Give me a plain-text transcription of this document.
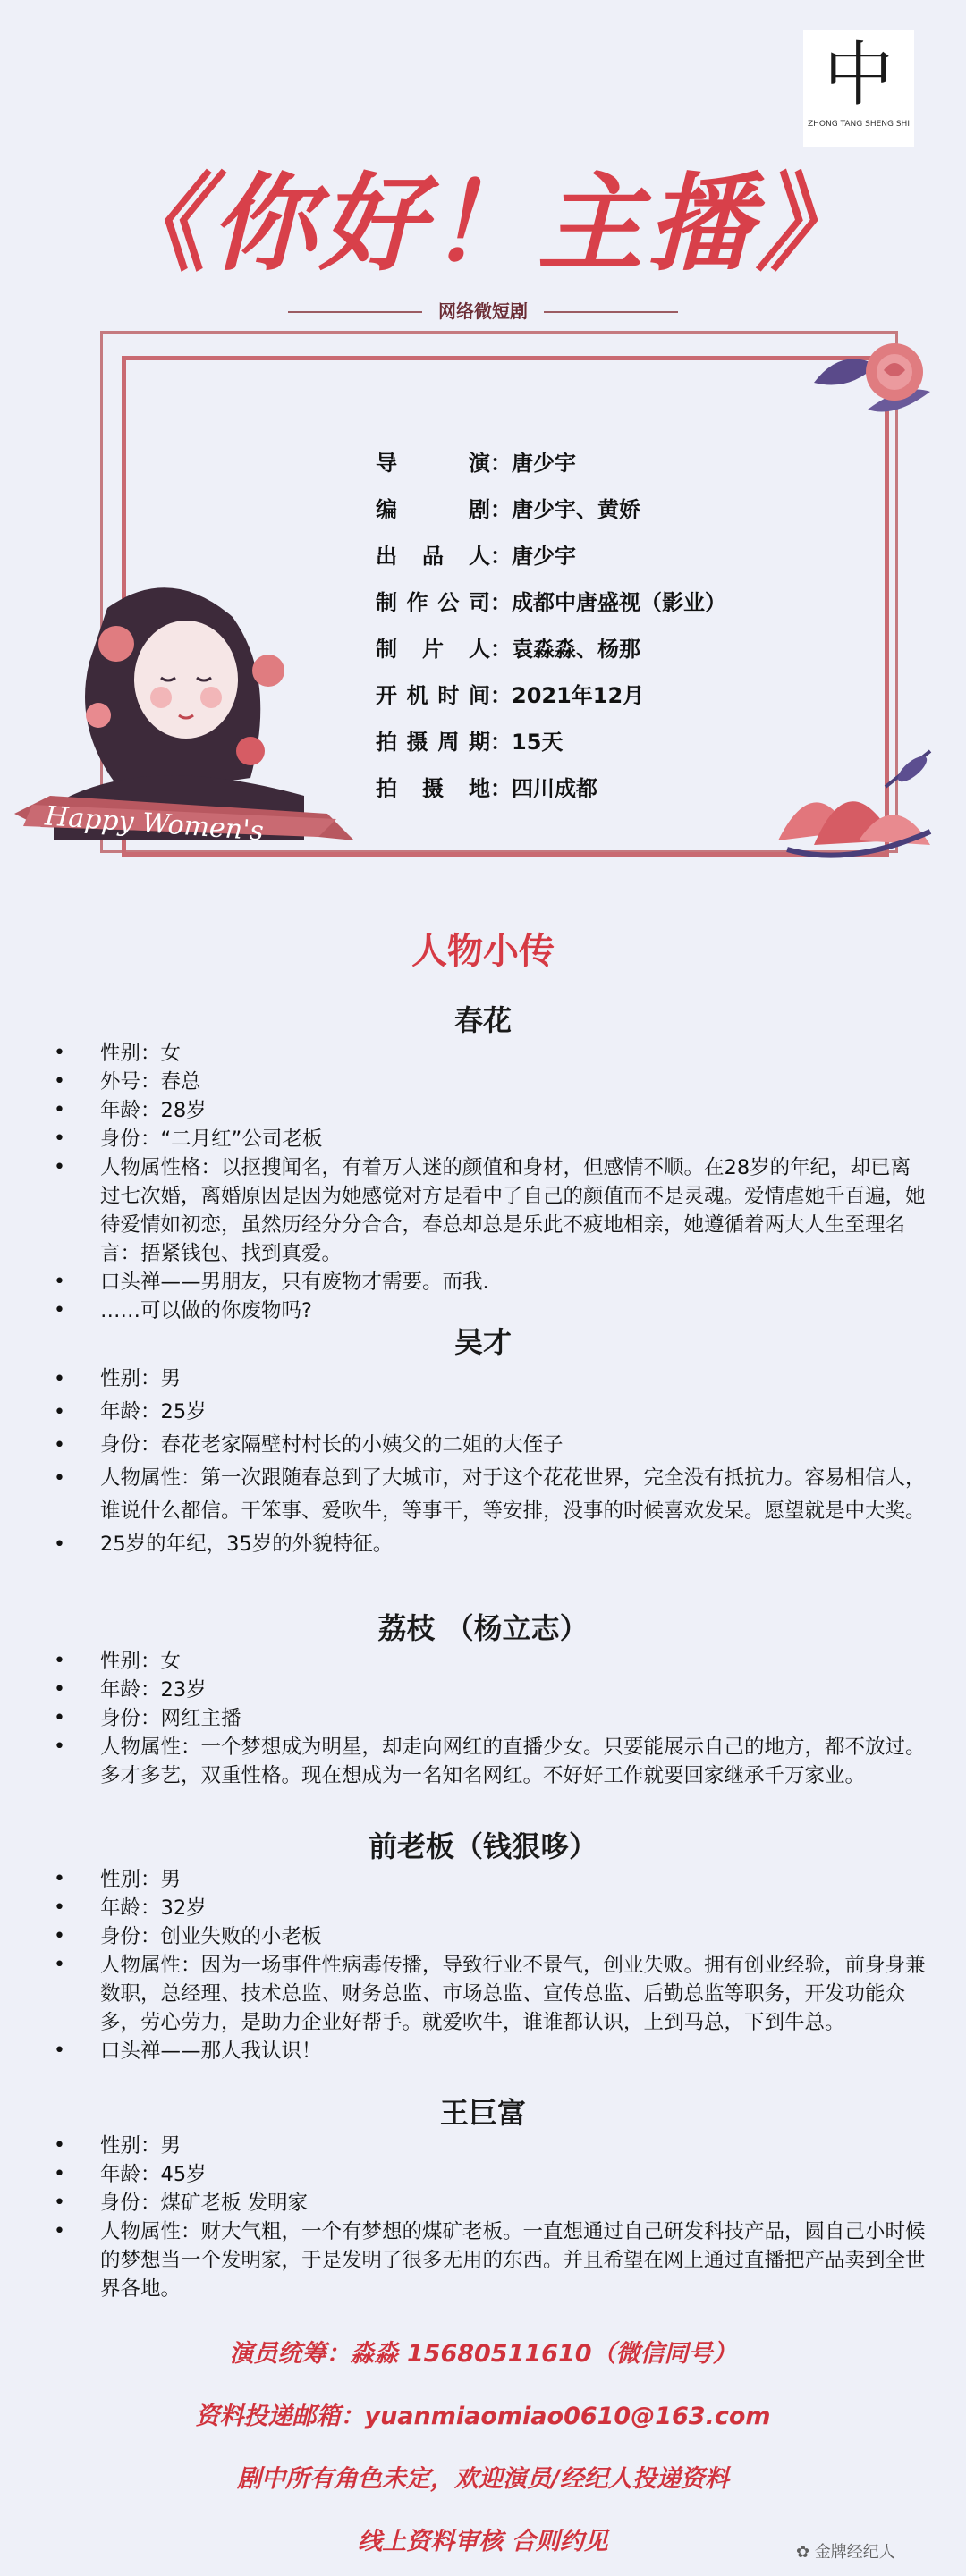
中
ZHONG TANG SHENG SHI
《你好！主播》
网络微短剧
Happy Women's
导演：唐少宇
编剧：唐少宇、黄娇
出品人：唐少宇
制作公司：成都中唐盛视（影业）
制片人：袁淼淼、杨那
开机时间：2021年12月
拍摄周期：15天
拍摄地：四川成都
人物小传
春花
• 性别：女
• 外号：春总
• 年龄：28岁
• 身份：“二月红”公司老板
• 人物属性格：以抠搜闻名，有着万人迷的颜值和身材，但感情不顺。在28岁的年纪，却已离过七次婚，离婚原因是因为她感觉对方是看中了自己的颜值而不是灵魂。爱情虐她千百遍，她待爱情如初恋，虽然历经分分合合，春总却总是乐此不疲地相亲，她遵循着两大人生至理名言：捂紧钱包、找到真爱。
• 口头禅——男朋友，只有废物才需要。而我.
• ……可以做的你废物吗?
吴才
• 性别：男
• 年龄：25岁
• 身份：春花老家隔壁村村长的小姨父的二姐的大侄子
• 人物属性：第一次跟随春总到了大城市，对于这个花花世界，完全没有抵抗力。容易相信人，谁说什么都信。干笨事、爱吹牛，等事干，等安排，没事的时候喜欢发呆。愿望就是中大奖。
• 25岁的年纪，35岁的外貌特征。
荔枝 （杨立志）
• 性别：女
• 年龄：23岁
• 身份：网红主播
• 人物属性：一个梦想成为明星，却走向网红的直播少女。只要能展示自己的地方，都不放过。多才多艺，双重性格。现在想成为一名知名网红。不好好工作就要回家继承千万家业。
前老板（钱狠哆）
• 性别：男
• 年龄：32岁
• 身份：创业失败的小老板
• 人物属性：因为一场事件性病毒传播，导致行业不景气，创业失败。拥有创业经验，前身身兼数职，总经理、技术总监、财务总监、市场总监、宣传总监、后勤总监等职务，开发功能众多，劳心劳力，是助力企业好帮手。就爱吹牛，谁谁都认识，上到马总，下到牛总。
• 口头禅——那人我认识！
王巨富
• 性别：男
• 年龄：45岁
• 身份：煤矿老板 发明家
• 人物属性：财大气粗，一个有梦想的煤矿老板。一直想通过自己研发科技产品，圆自己小时候的梦想当一个发明家，于是发明了很多无用的东西。并且希望在网上通过直播把产品卖到全世界各地。
演员统筹：淼淼 15680511610（微信同号）
资料投递邮箱：yuanmiaomiao0610@163.com
剧中所有角色未定，欢迎演员/经纪人投递资料
线上资料审核 合则约见	✿ 金牌经纪人
